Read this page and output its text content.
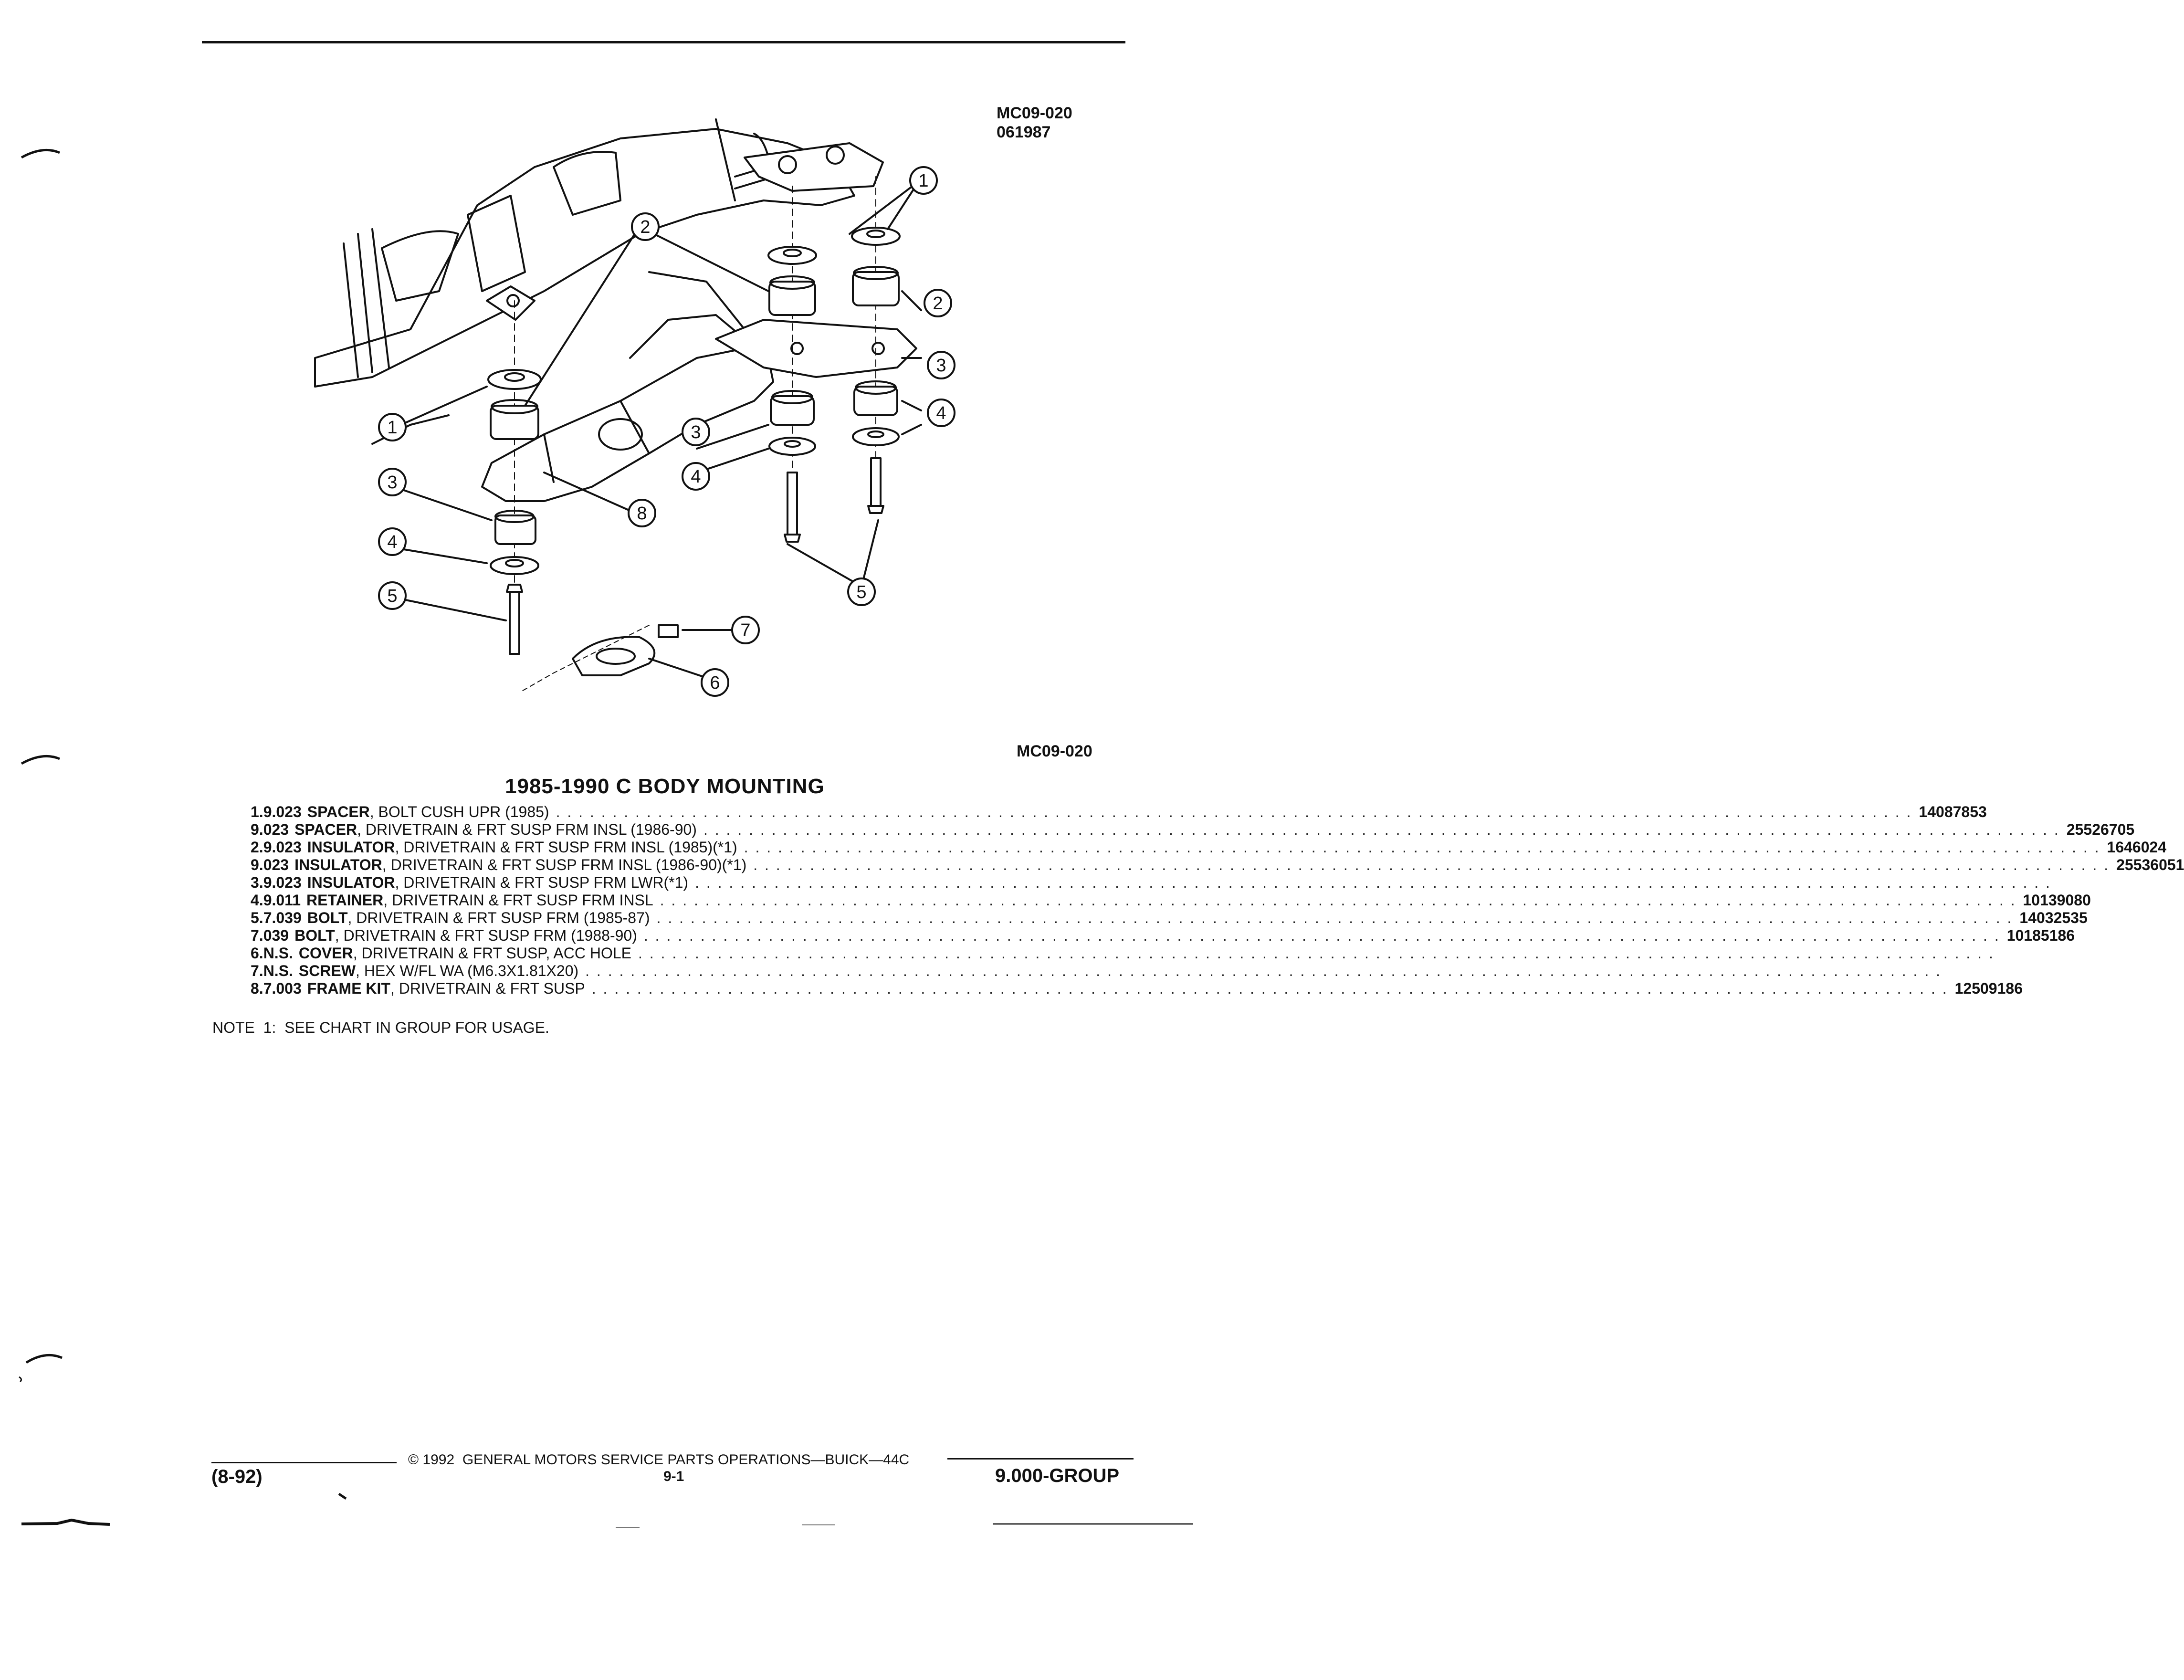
MC09-020
061987
1
2
2
3
4
1	3
4
3
8
4
5	5
7
6
MC09-020
1985-1990 C BODY MOUNTING
1. 9.023 SPACER , BOLT CUSH UPR (1985) . . . . . . . . . . . . . . . . . . . . . . . . . . . . . . . . . . . . . . . . . . . . . . . . . . . . . . . . . . . . . . . . . . . . . . . . . . . . . . . . . . . . . . . . . . . . . . . . . . . . . . . . . . . . . . . . . . . . . . . . 14087853
9.023 SPACER , DRIVETRAIN & FRT SUSP FRM INSL (1986-90) . . . . . . . . . . . . . . . . . . . . . . . . . . . . . . . . . . . . . . . . . . . . . . . . . . . . . . . . . . . . . . . . . . . . . . . . . . . . . . . . . . . . . . . . . . . . . . . . . . . . . . . . . . . . . . . . . . . . . . . . 25526705
2. 9.023 INSULATOR , DRIVETRAIN & FRT SUSP FRM INSL (1985)(*1) . . . . . . . . . . . . . . . . . . . . . . . . . . . . . . . . . . . . . . . . . . . . . . . . . . . . . . . . . . . . . . . . . . . . . . . . . . . . . . . . . . . . . . . . . . . . . . . . . . . . . . . . . . . . . . . . . . . . . . . . 1646024
9.023 INSULATOR , DRIVETRAIN & FRT SUSP FRM INSL (1986-90)(*1) . . . . . . . . . . . . . . . . . . . . . . . . . . . . . . . . . . . . . . . . . . . . . . . . . . . . . . . . . . . . . . . . . . . . . . . . . . . . . . . . . . . . . . . . . . . . . . . . . . . . . . . . . . . . . . . . . . . . . . . . 25536051
3. 9.023 INSULATOR , DRIVETRAIN & FRT SUSP FRM LWR(*1) . . . . . . . . . . . . . . . . . . . . . . . . . . . . . . . . . . . . . . . . . . . . . . . . . . . . . . . . . . . . . . . . . . . . . . . . . . . . . . . . . . . . . . . . . . . . . . . . . . . . . . . . . . . . . . . . . . . . . . . .
4. 9.011 RETAINER , DRIVETRAIN & FRT SUSP FRM INSL . . . . . . . . . . . . . . . . . . . . . . . . . . . . . . . . . . . . . . . . . . . . . . . . . . . . . . . . . . . . . . . . . . . . . . . . . . . . . . . . . . . . . . . . . . . . . . . . . . . . . . . . . . . . . . . . . . . . . . . . 10139080
5. 7.039 BOLT , DRIVETRAIN & FRT SUSP FRM (1985-87) . . . . . . . . . . . . . . . . . . . . . . . . . . . . . . . . . . . . . . . . . . . . . . . . . . . . . . . . . . . . . . . . . . . . . . . . . . . . . . . . . . . . . . . . . . . . . . . . . . . . . . . . . . . . . . . . . . . . . . . . 14032535
7.039 BOLT , DRIVETRAIN & FRT SUSP FRM (1988-90) . . . . . . . . . . . . . . . . . . . . . . . . . . . . . . . . . . . . . . . . . . . . . . . . . . . . . . . . . . . . . . . . . . . . . . . . . . . . . . . . . . . . . . . . . . . . . . . . . . . . . . . . . . . . . . . . . . . . . . . . 10185186
6. N.S. COVER , DRIVETRAIN & FRT SUSP, ACC HOLE . . . . . . . . . . . . . . . . . . . . . . . . . . . . . . . . . . . . . . . . . . . . . . . . . . . . . . . . . . . . . . . . . . . . . . . . . . . . . . . . . . . . . . . . . . . . . . . . . . . . . . . . . . . . . . . . . . . . . . . .
7. N.S. SCREW , HEX W/FL WA (M6.3X1.81X20) . . . . . . . . . . . . . . . . . . . . . . . . . . . . . . . . . . . . . . . . . . . . . . . . . . . . . . . . . . . . . . . . . . . . . . . . . . . . . . . . . . . . . . . . . . . . . . . . . . . . . . . . . . . . . . . . . . . . . . . .
8. 7.003 FRAME KIT , DRIVETRAIN & FRT SUSP . . . . . . . . . . . . . . . . . . . . . . . . . . . . . . . . . . . . . . . . . . . . . . . . . . . . . . . . . . . . . . . . . . . . . . . . . . . . . . . . . . . . . . . . . . . . . . . . . . . . . . . . . . . . . . . . . . . . . . . . 12509186
NOTE  1:  SEE CHART IN GROUP FOR USAGE.
© 1992  GENERAL MOTORS SERVICE PARTS OPERATIONS—BUICK—44C
(8-92)	9-1	9.000-GROUP
